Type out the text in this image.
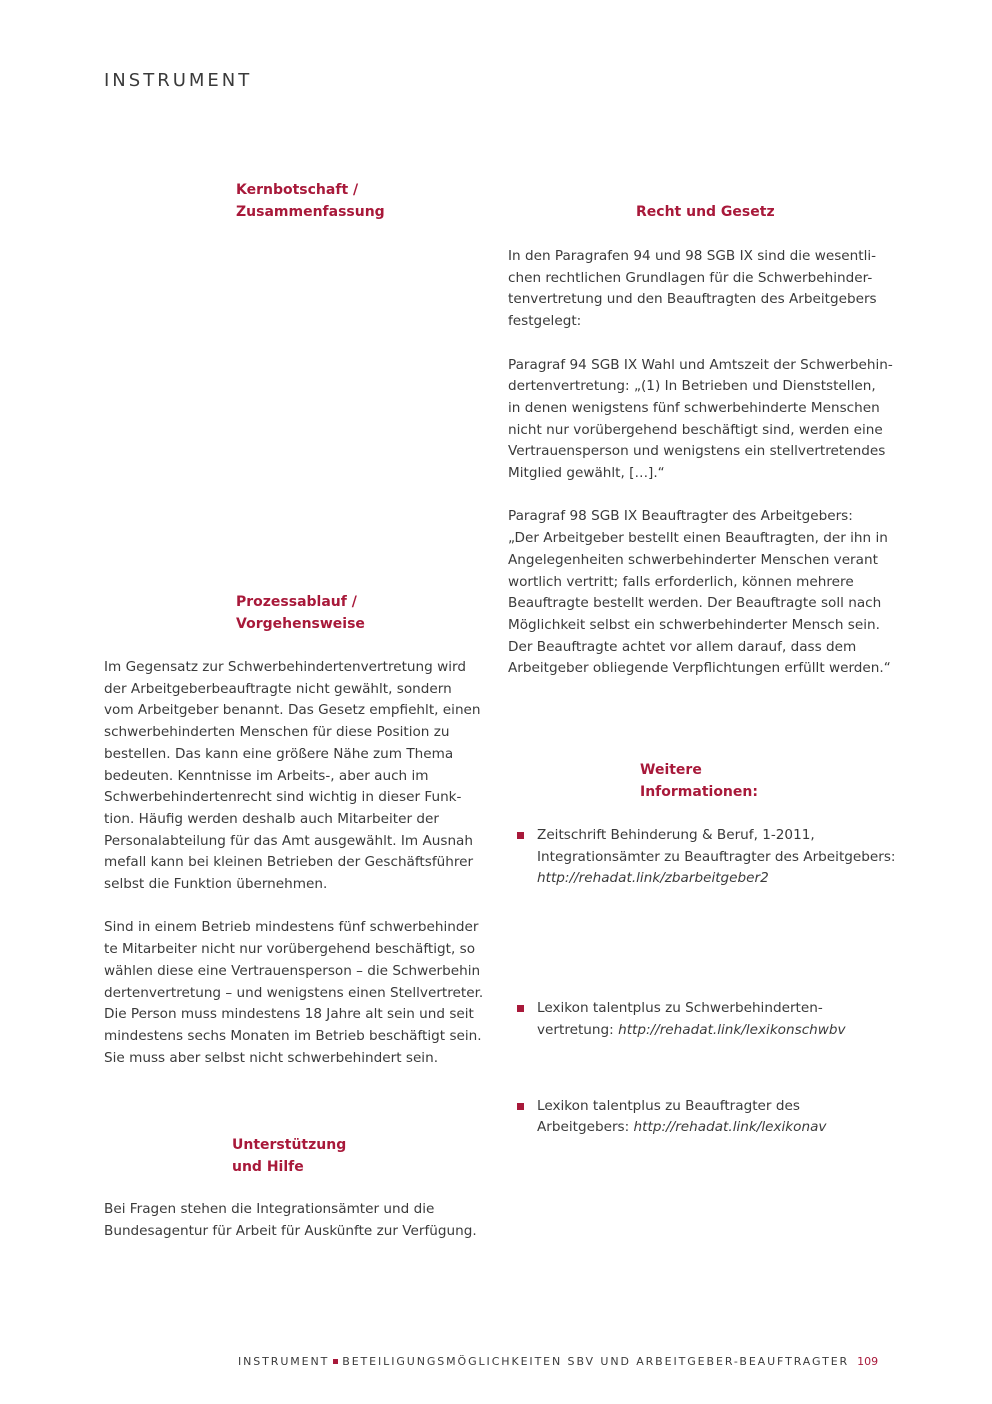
INSTRUMENT
Kernbotschaft /
Zusammenfassung	Recht und Gesetz
In den Paragrafen 94 und 98 SGB IX sind die wesentli-
chen rechtlichen Grundlagen für die Schwerbehinder-
tenvertretung und den Beauftragten des Arbeitgebers
festgelegt:
Paragraf 94 SGB IX Wahl und Amtszeit der Schwerbehin-
dertenvertretung: „(1) In Betrieben und Dienststellen,
in denen wenigstens fünf schwerbehinderte Menschen
nicht nur vorübergehend beschäftigt sind, werden eine
Vertrauensperson und wenigstens ein stellvertretendes
Mitglied gewählt, […].“
Paragraf 98 SGB IX Beauftragter des Arbeitgebers:
„Der Arbeitgeber bestellt einen Beauftragten, der ihn in
Angelegenheiten schwerbehinderter Menschen verant
wortlich vertritt; falls erforderlich, können mehrere
Beauftragte bestellt werden. Der Beauftragte soll nach
Möglichkeit selbst ein schwerbehinderter Mensch sein.
Der Beauftragte achtet vor allem darauf, dass dem
Arbeitgeber obliegende Verpflichtungen erfüllt werden.“
Prozessablauf /
Vorgehensweise
Im Gegensatz zur Schwerbehindertenvertretung wird
der Arbeitgeberbeauftragte nicht gewählt, sondern
vom Arbeitgeber benannt. Das Gesetz empfiehlt, einen
schwerbehinderten Menschen für diese Position zu
bestellen. Das kann eine größere Nähe zum Thema
bedeuten. Kenntnisse im Arbeits-, aber auch im
Schwerbehindertenrecht sind wichtig in dieser Funk-
tion. Häufig werden deshalb auch Mitarbeiter der
Personalabteilung für das Amt ausgewählt. Im Ausnah
mefall kann bei kleinen Betrieben der Geschäftsführer
selbst die Funktion übernehmen.
Sind in einem Betrieb mindestens fünf schwerbehinder
te Mitarbeiter nicht nur vorübergehend beschäftigt, so
wählen diese eine Vertrauensperson – die Schwerbehin
dertenvertretung – und wenigstens einen Stellvertreter.
Die Person muss mindestens 18 Jahre alt sein und seit
mindestens sechs Monaten im Betrieb beschäftigt sein.
Sie muss aber selbst nicht schwerbehindert sein.
Weitere
Informationen:
Zeitschrift Behinderung & Beruf, 1-2011,
Integrationsämter zu Beauftragter des Arbeitgebers:
http://rehadat.link/zbarbeitgeber2
Lexikon talentplus zu Schwerbehinderten-
vertretung: http://rehadat.link/lexikonschwbv
Lexikon talentplus zu Beauftragter des
Arbeitgebers: http://rehadat.link/lexikonav
Unterstützung
und Hilfe
Bei Fragen stehen die Integrationsämter und die
Bundesagentur für Arbeit für Auskünfte zur Verfügung.
INSTRUMENT BETEILIGUNGSMÖGLICHKEITEN SBV UND ARBEITGEBER-BEAUFTRAGTER 109
